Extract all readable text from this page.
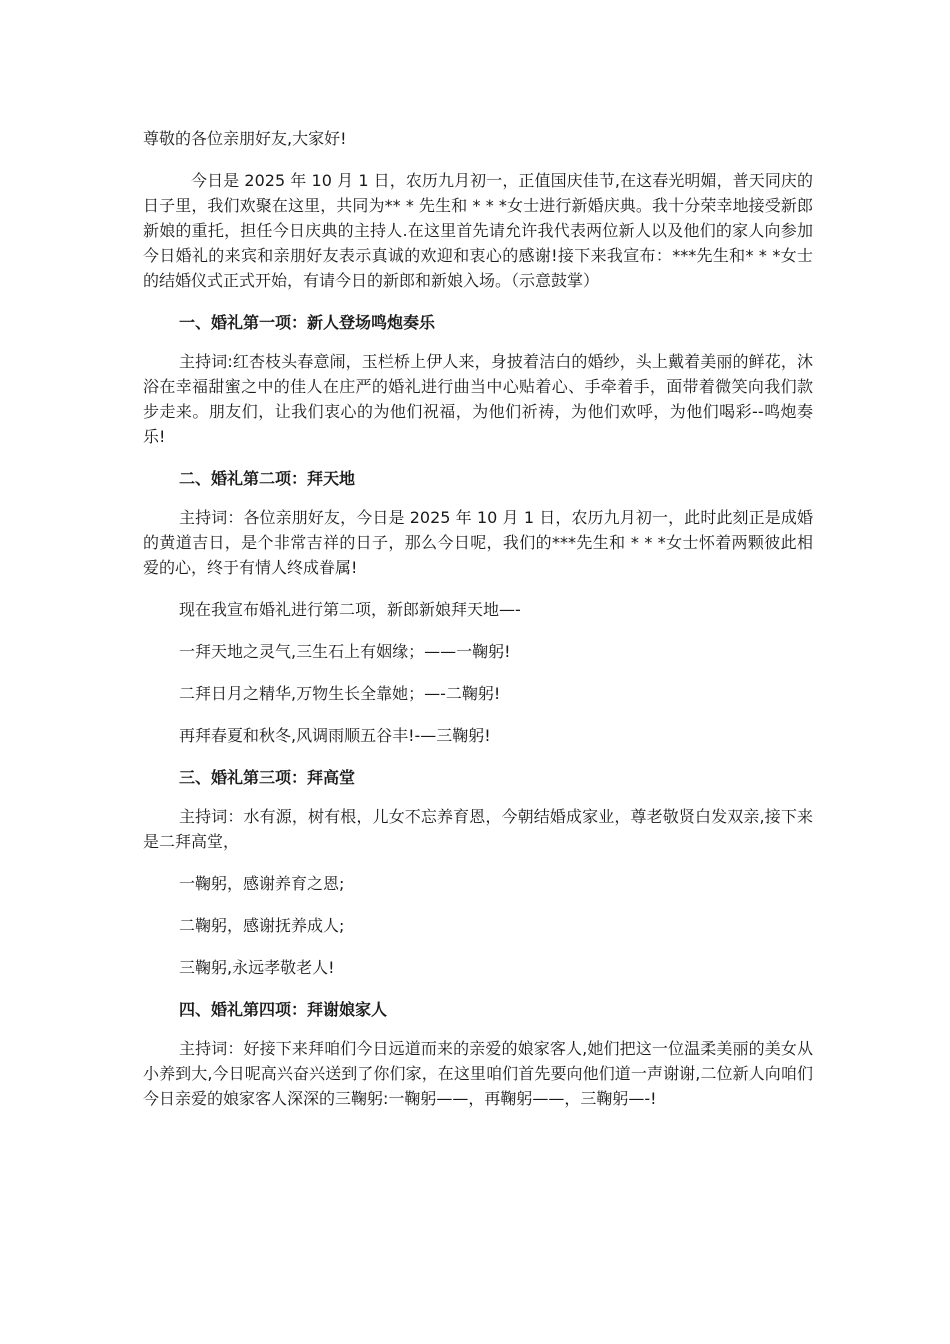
尊敬的各位亲朋好友,大家好!

今日是 2025 年 10 月 1 日，农历九月初一，正值国庆佳节,在这春光明媚，普天同庆的日子里，我们欢聚在这里，共同为** * 先生和 * * *女士进行新婚庆典。我十分荣幸地接受新郎新娘的重托，担任今日庆典的主持人.在这里首先请允许我代表两位新人以及他们的家人向参加今日婚礼的来宾和亲朋好友表示真诚的欢迎和衷心的感谢!接下来我宣布：***先生和* * *女士的结婚仪式正式开始，有请今日的新郎和新娘入场。（示意鼓掌）

一、婚礼第一项：新人登场鸣炮奏乐

主持词:红杏枝头春意闹，玉栏桥上伊人来，身披着洁白的婚纱，头上戴着美丽的鲜花，沐浴在幸福甜蜜之中的佳人在庄严的婚礼进行曲当中心贴着心、手牵着手，面带着微笑向我们款步走来。朋友们，让我们衷心的为他们祝福，为他们祈祷，为他们欢呼，为他们喝彩--鸣炮奏乐!

二、婚礼第二项：拜天地

主持词：各位亲朋好友，今日是 2025 年 10 月 1 日，农历九月初一，此时此刻正是成婚的黄道吉日，是个非常吉祥的日子，那么今日呢，我们的***先生和 * * *女士怀着两颗彼此相爱的心，终于有情人终成眷属!

现在我宣布婚礼进行第二项，新郎新娘拜天地—-

一拜天地之灵气,三生石上有姻缘；——一鞠躬!

二拜日月之精华,万物生长全靠她；—-二鞠躬!

再拜春夏和秋冬,风调雨顺五谷丰!-—三鞠躬!

三、婚礼第三项：拜高堂

主持词：水有源，树有根，儿女不忘养育恩，今朝结婚成家业，尊老敬贤白发双亲,接下来是二拜高堂，

一鞠躬，感谢养育之恩;

二鞠躬，感谢抚养成人;

三鞠躬,永远孝敬老人!

四、婚礼第四项：拜谢娘家人

主持词：好接下来拜咱们今日远道而来的亲爱的娘家客人,她们把这一位温柔美丽的美女从小养到大,今日呢高兴奋兴送到了你们家，在这里咱们首先要向他们道一声谢谢,二位新人向咱们今日亲爱的娘家客人深深的三鞠躬:一鞠躬——，再鞠躬——，三鞠躬—-!
